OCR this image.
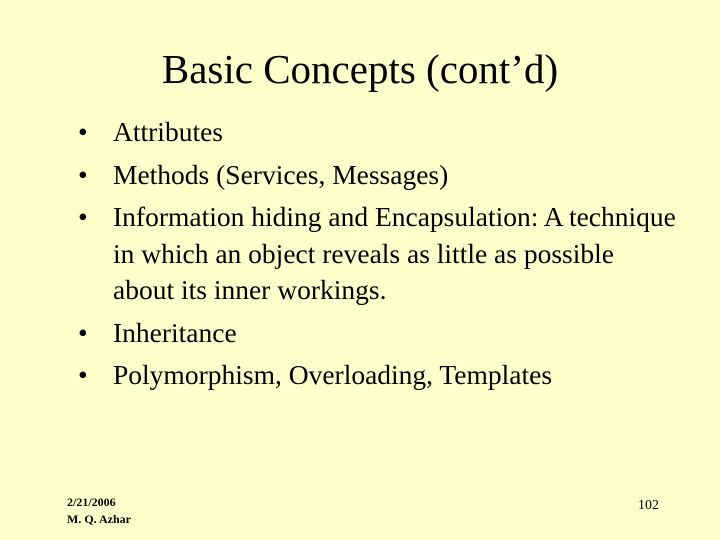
Basic Concepts (cont’d)
• Attributes
• Methods (Services, Messages)
• Information hiding and Encapsulation: A technique in which an object reveals as little as possible about its inner workings.
• Inheritance
• Polymorphism, Overloading, Templates
2/21/2006
M. Q. Azhar
102
